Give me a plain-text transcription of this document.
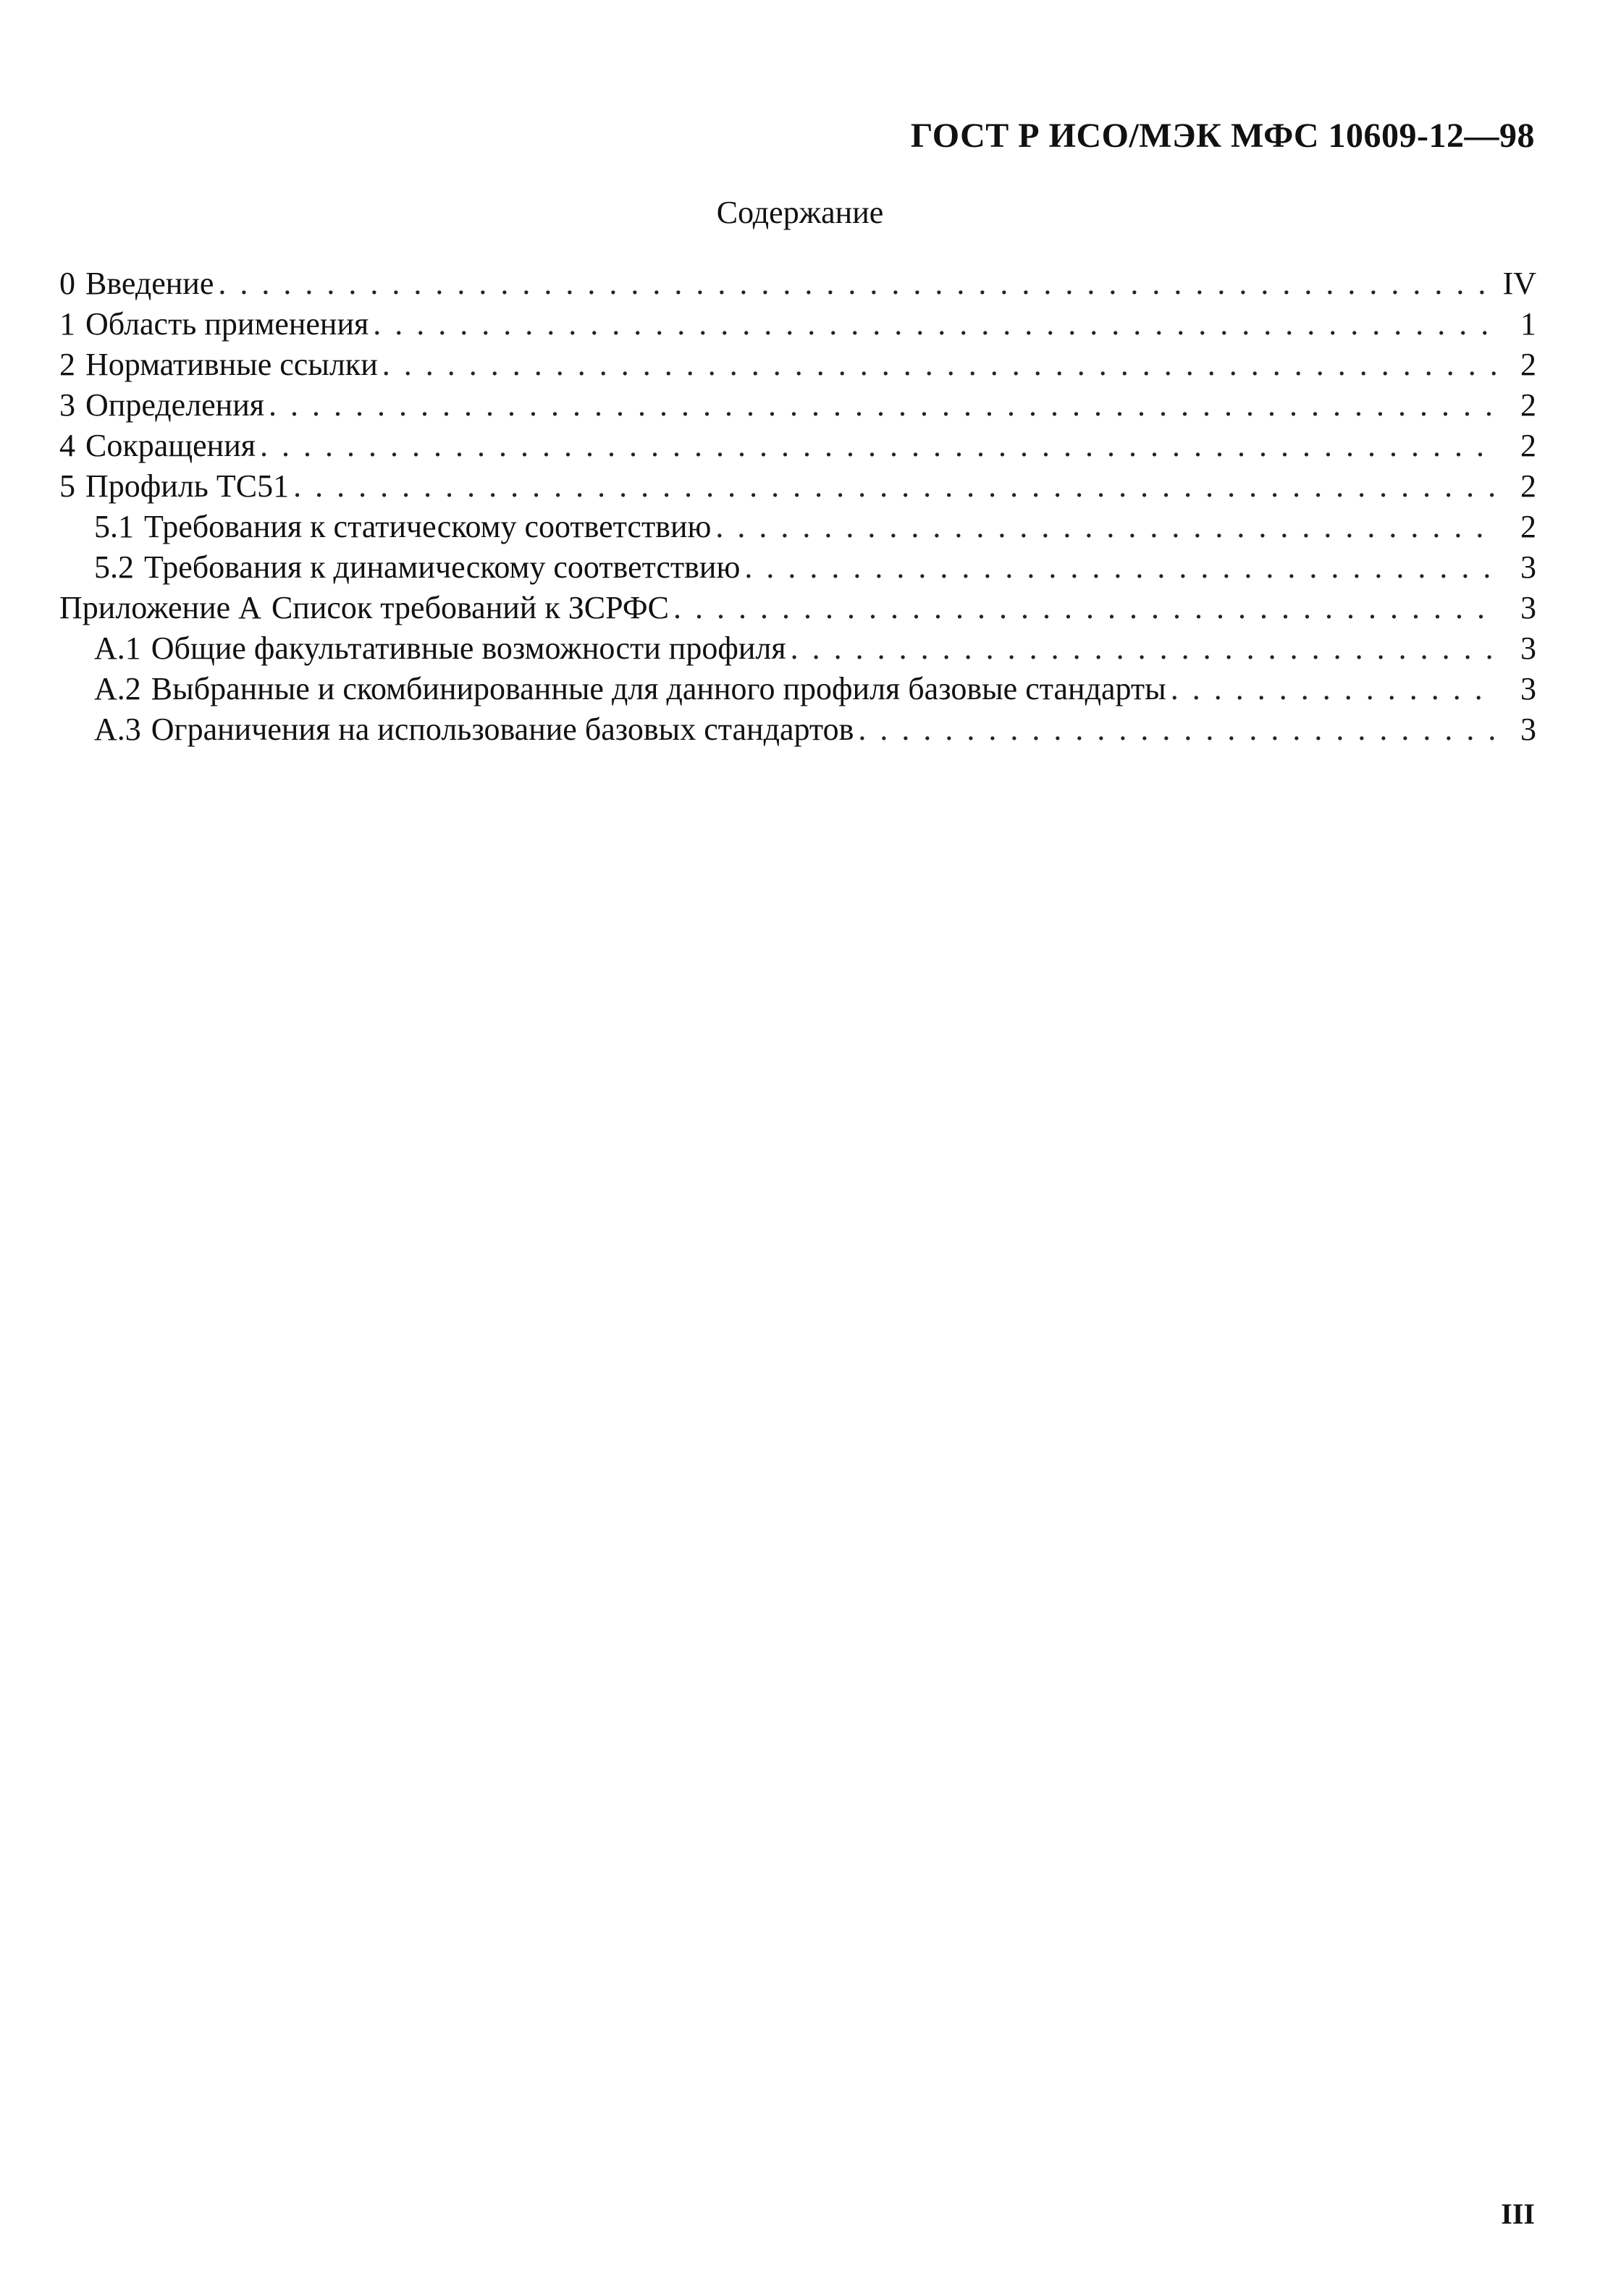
ГОСТ Р ИСО/МЭК МФС 10609-12—98
Содержание
0 Введение . . .	IV
1 Область применения . . .	1
2 Нормативные ссылки . . .	2
3 Определения . . .	2
4 Сокращения . . .	2
5 Профиль ТС51 . . .	2
5.1 Требования к статическому соответствию . . .	2
5.2 Требования к динамическому соответствию . . .	3
Приложение А Список требований к ЗСРФС . . .	3
А.1 Общие факультативные возможности профиля . . .	3
А.2 Выбранные и скомбинированные для данного профиля базовые стандарты . . .	3
А.3 Ограничения на использование базовых стандартов . . .	3
III
